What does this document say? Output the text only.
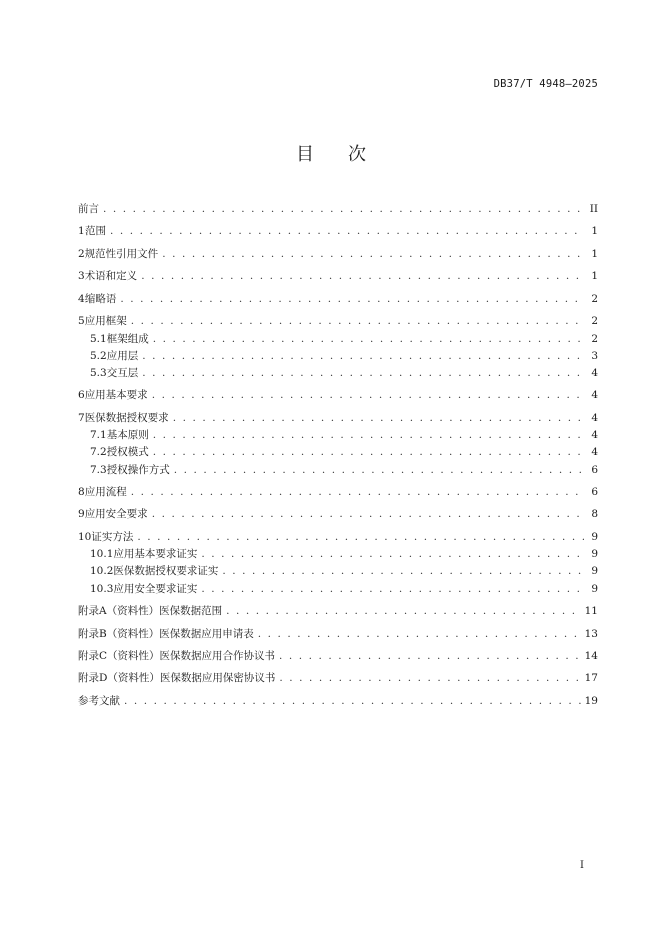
DB37/T 4948—2025
目次
前言 . . .	II
1 范围 . . .	1
2 规范性引用文件 . . .	1
3 术语和定义 . . .	1
4 缩略语 . . .	2
5 应用框架 . . .	2
5.1 框架组成 . . .	2
5.2 应用层 . . .	3
5.3 交互层 . . .	4
6 应用基本要求 . . .	4
7 医保数据授权要求 . . .	4
7.1 基本原则 . . .	4
7.2 授权模式 . . .	4
7.3 授权操作方式 . . .	6
8 应用流程 . . .	6
9 应用安全要求 . . .	8
10 证实方法 . . .	9
10.1 应用基本要求证实 . . .	9
10.2 医保数据授权要求证实 . . .	9
10.3 应用安全要求证实 . . .	9
附录A（资料性） 医保数据范围 . . .	11
附录B（资料性） 医保数据应用申请表 . . .	13
附录C（资料性） 医保数据应用合作协议书 . . .	14
附录D（资料性） 医保数据应用保密协议书 . . .	17
参考文献 . . .	19
I
